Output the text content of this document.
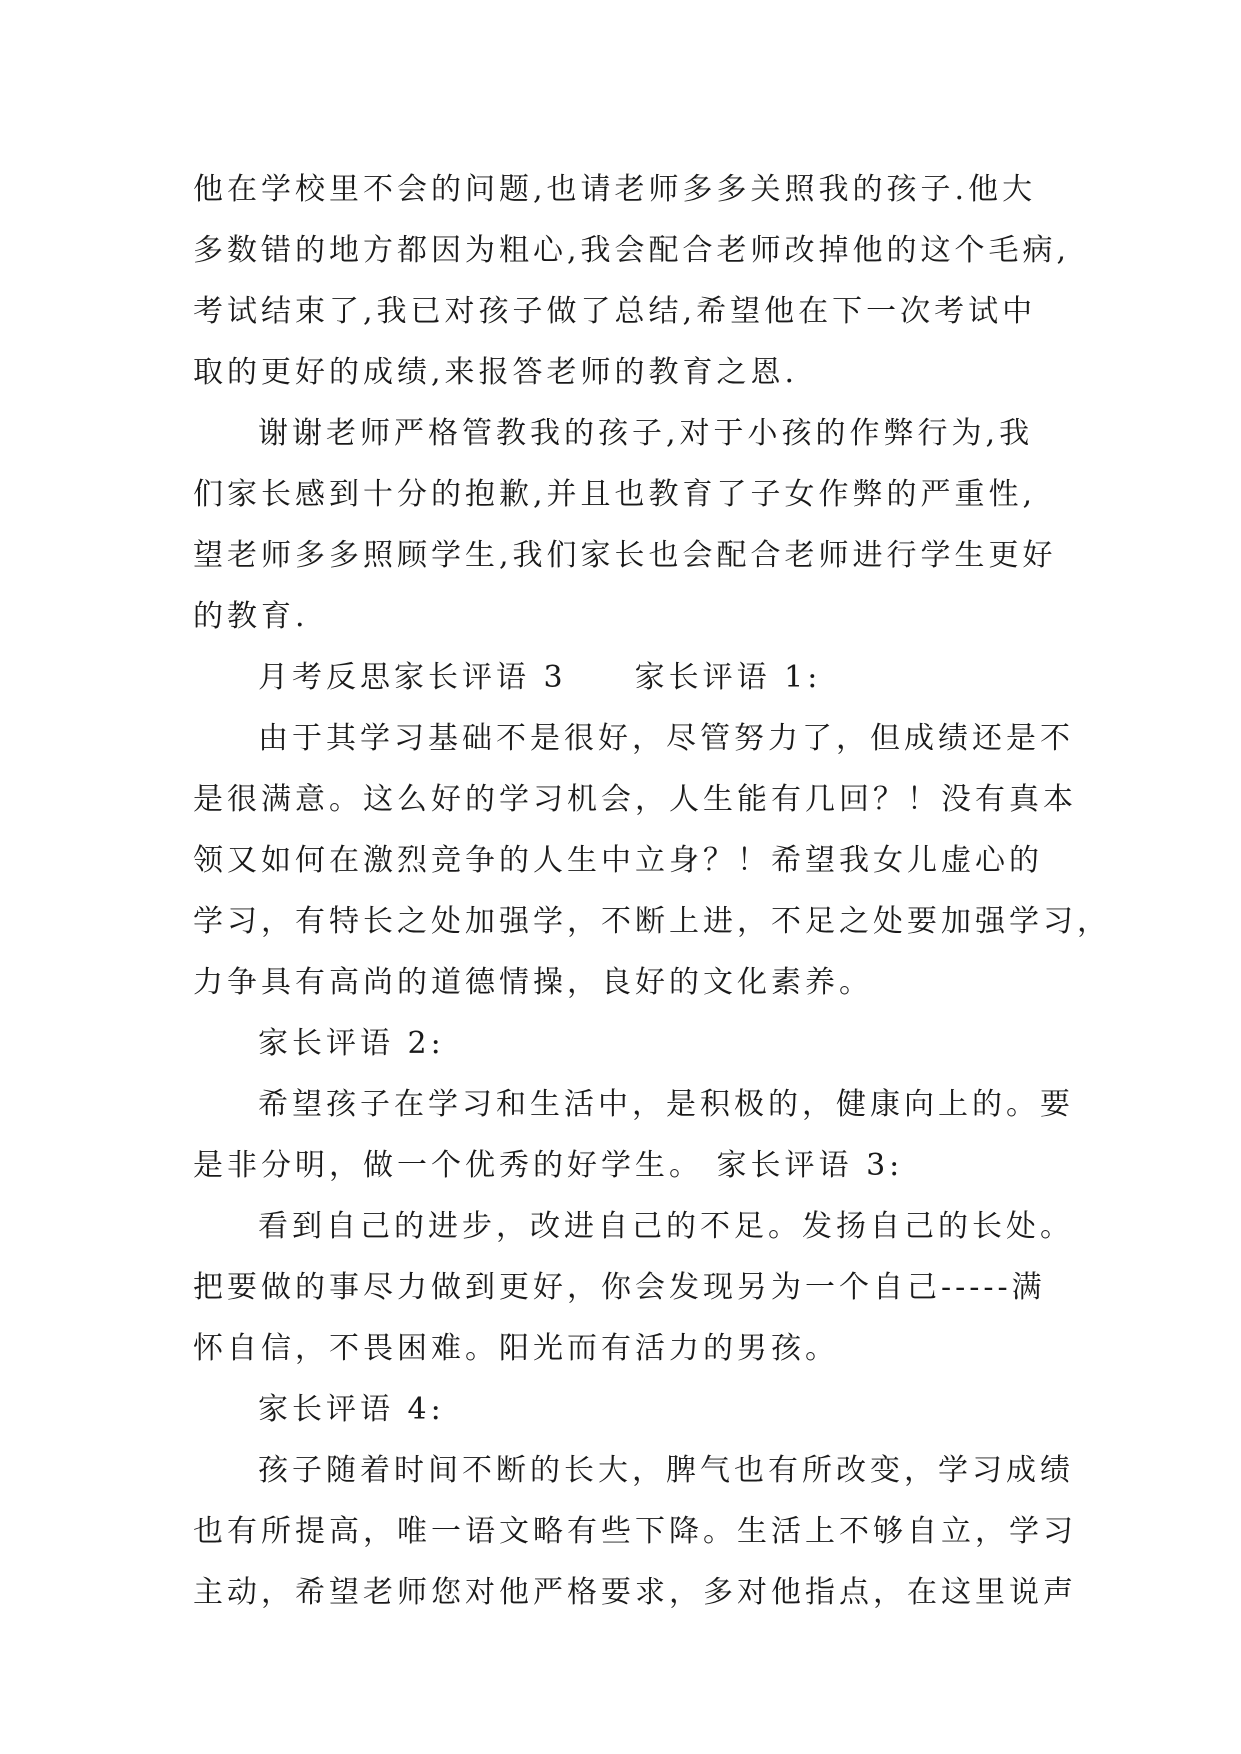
他在学校里不会的问题,也请老师多多关照我的孩子.他大
多数错的地方都因为粗心,我会配合老师改掉他的这个毛病,
考试结束了,我已对孩子做了总结,希望他在下一次考试中
取的更好的成绩,来报答老师的教育之恩.
谢谢老师严格管教我的孩子,对于小孩的作弊行为,我
们家长感到十分的抱歉,并且也教育了子女作弊的严重性,
望老师多多照顾学生,我们家长也会配合老师进行学生更好
的教育.
月考反思家长评语 3　　家长评语 1:
由于其学习基础不是很好，尽管努力了，但成绩还是不
是很满意。这么好的学习机会，人生能有几回？！没有真本
领又如何在激烈竞争的人生中立身？！希望我女儿虚心的
学习，有特长之处加强学，不断上进，不足之处要加强学习，
力争具有高尚的道德情操，良好的文化素养。
家长评语 2:
希望孩子在学习和生活中，是积极的，健康向上的。要
是非分明，做一个优秀的好学生。 家长评语 3:
看到自己的进步，改进自己的不足。发扬自己的长处。
把要做的事尽力做到更好，你会发现另为一个自己-----满
怀自信，不畏困难。阳光而有活力的男孩。
家长评语 4:
孩子随着时间不断的长大，脾气也有所改变，学习成绩
也有所提高，唯一语文略有些下降。生活上不够自立，学习
主动，希望老师您对他严格要求，多对他指点，在这里说声
